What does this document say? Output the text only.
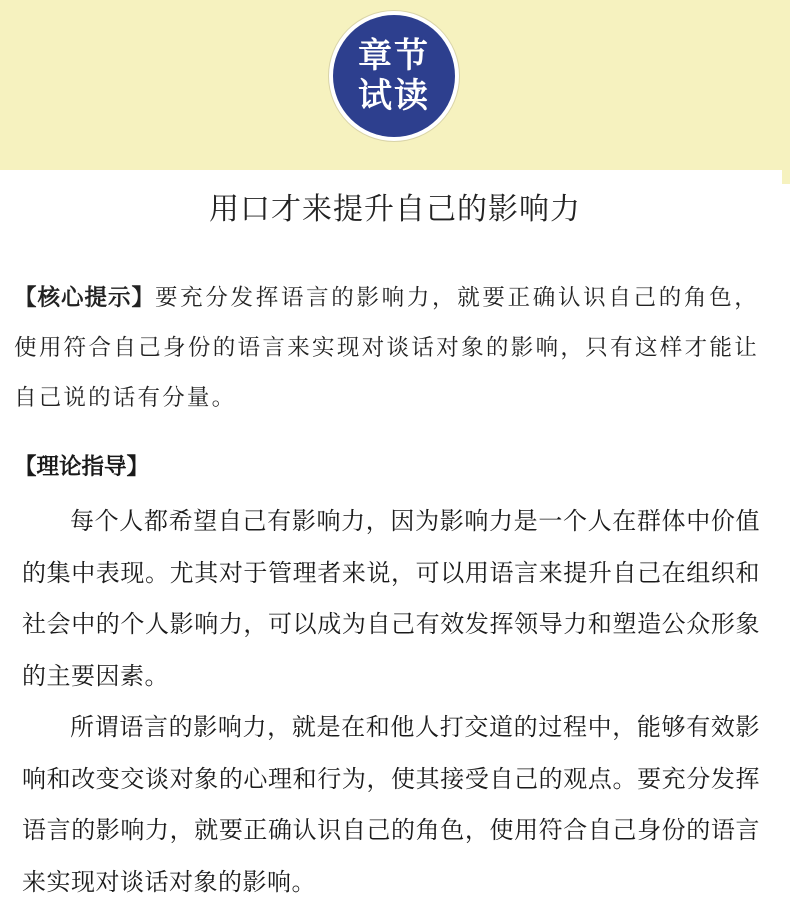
章节
试读
用口才来提升自己的影响力
【核心提示】要充分发挥语言的影响力，就要正确认识自己的角色，使用符合自己身份的语言来实现对谈话对象的影响，只有这样才能让自己说的话有分量。
【理论指导】

每个人都希望自己有影响力，因为影响力是一个人在群体中价值的集中表现。尤其对于管理者来说，可以用语言来提升自己在组织和社会中的个人影响力，可以成为自己有效发挥领导力和塑造公众形象的主要因素。

所谓语言的影响力，就是在和他人打交道的过程中，能够有效影响和改变交谈对象的心理和行为，使其接受自己的观点。要充分发挥语言的影响力，就要正确认识自己的角色，使用符合自己身份的语言来实现对谈话对象的影响。
